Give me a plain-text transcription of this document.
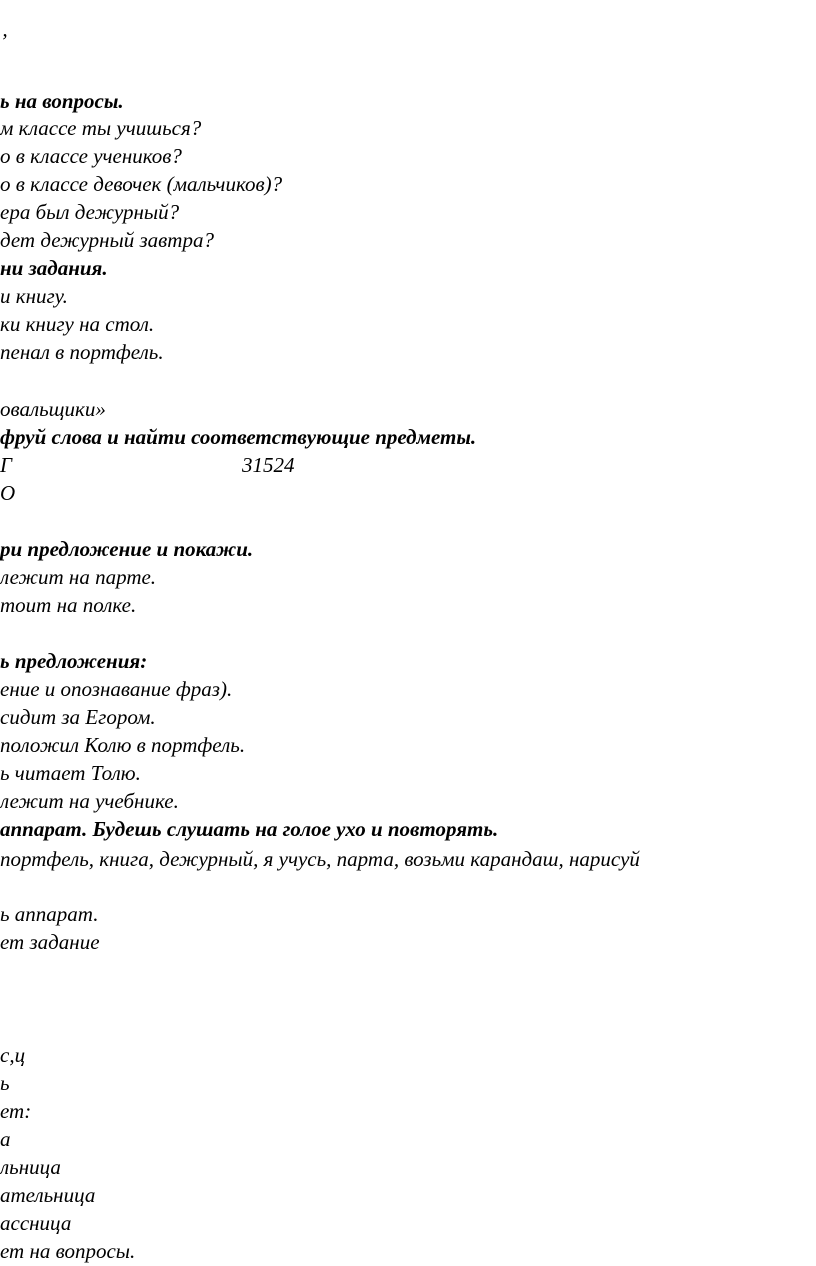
ʼ
ь на вопросы.
м классе ты учишься?
о в классе учеников?
о в классе девочек (мальчиков)?
ера был дежурный?
дет дежурный завтра?
ни задания.
и книгу.
ки книгу на стол.
пенал в портфель.
овальщики»
фруй слова и найти соответствующие предметы.
Г	31524
О
ри предложение и покажи.
лежит на парте.
тоит на полке.
ь предложения:
ение и опознавание фраз).
сидит за Егором.
положил Колю в портфель.
ь читает Толю.
лежит на учебнике.
аппарат. Будешь слушать на голое ухо и повторять.
портфель, книга, дежурный, я учусь, парта, возьми карандаш, нарисуй
ь аппарат.
ет задание
с,ц
ь
ет:
а
льница
ательница
ассница
ет на вопросы.
